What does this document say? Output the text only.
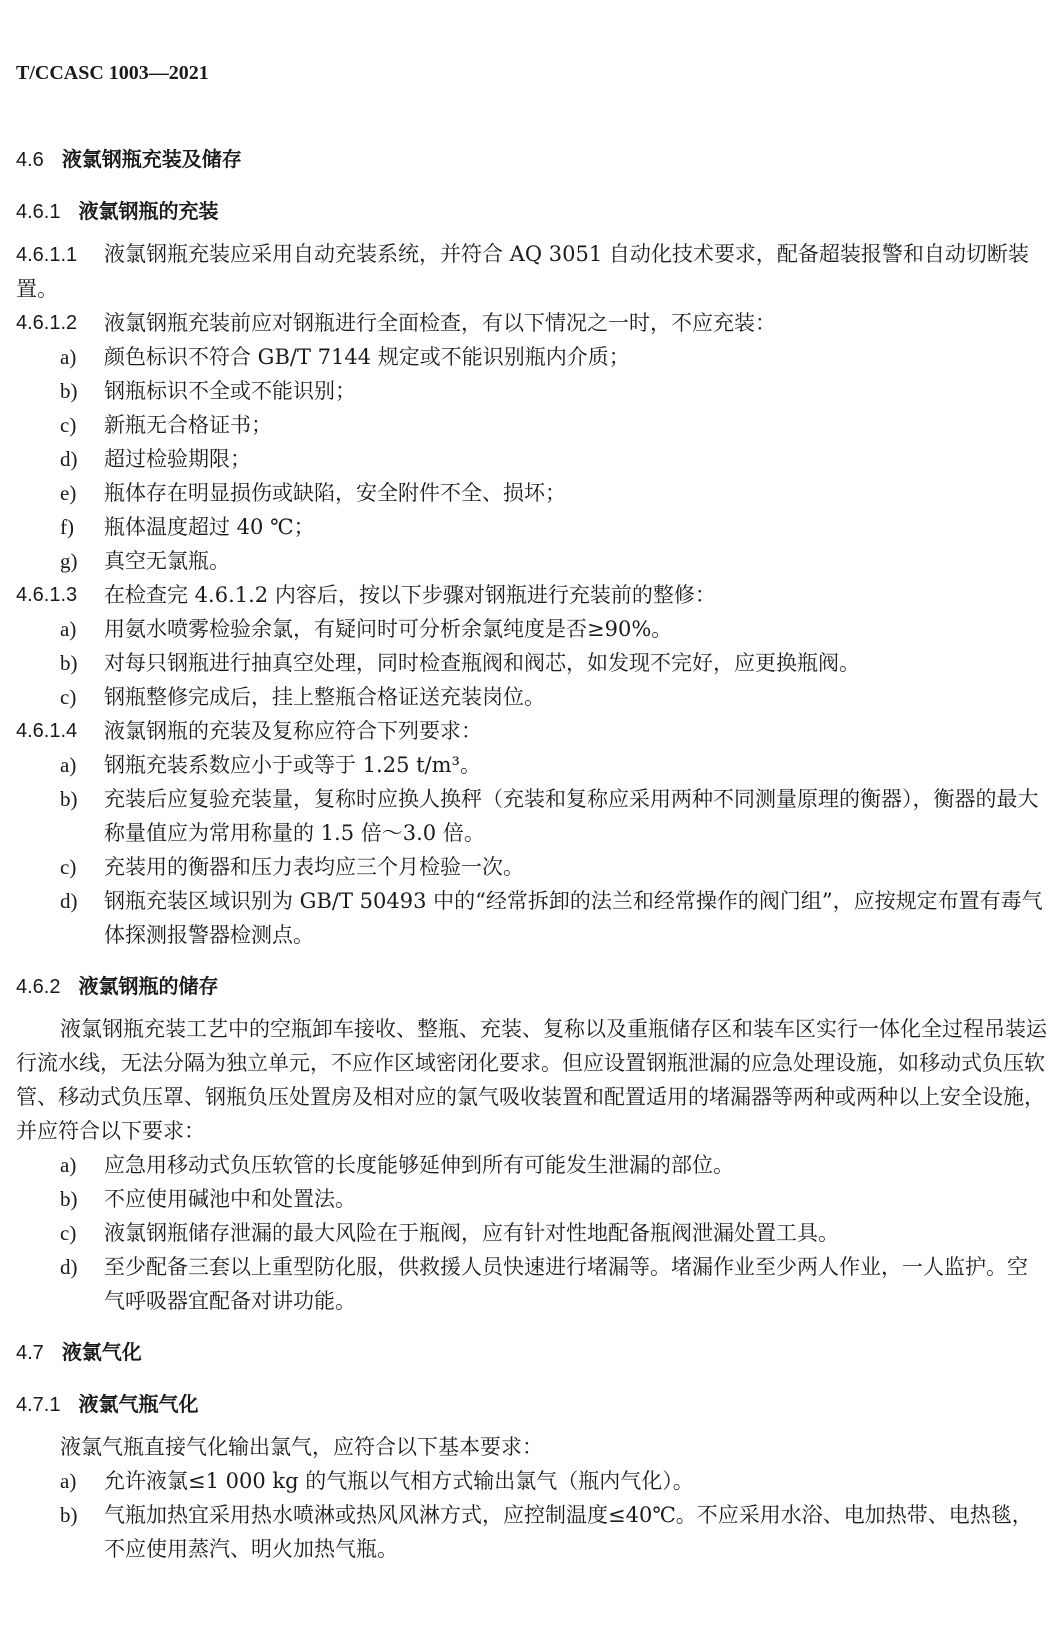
T/CCASC 1003—2021
4.6 液氯钢瓶充装及储存
4.6.1 液氯钢瓶的充装

4.6.1.1 液氯钢瓶充装应采用自动充装系统，并符合 AQ 3051 自动化技术要求，配备超装报警和自动切断装置。

4.6.1.2 液氯钢瓶充装前应对钢瓶进行全面检查，有以下情况之一时，不应充装：

a) 颜色标识不符合 GB/T 7144 规定或不能识别瓶内介质；

b) 钢瓶标识不全或不能识别；

c) 新瓶无合格证书；

d) 超过检验期限；

e) 瓶体存在明显损伤或缺陷，安全附件不全、损坏；

f) 瓶体温度超过 40 ℃；

g) 真空无氯瓶。

4.6.1.3 在检查完 4.6.1.2 内容后，按以下步骤对钢瓶进行充装前的整修：

a) 用氨水喷雾检验余氯，有疑问时可分析余氯纯度是否≥90%。

b) 对每只钢瓶进行抽真空处理，同时检查瓶阀和阀芯，如发现不完好，应更换瓶阀。

c) 钢瓶整修完成后，挂上整瓶合格证送充装岗位。

4.6.1.4 液氯钢瓶的充装及复称应符合下列要求：

a) 钢瓶充装系数应小于或等于 1.25 t/m³。

b) 充装后应复验充装量，复称时应换人换秤（充装和复称应采用两种不同测量原理的衡器），衡器的最大称量值应为常用称量的 1.5 倍～3.0 倍。

c) 充装用的衡器和压力表均应三个月检验一次。

d) 钢瓶充装区域识别为 GB/T 50493 中的“经常拆卸的法兰和经常操作的阀门组”，应按规定布置有毒气体探测报警器检测点。

4.6.2 液氯钢瓶的储存

液氯钢瓶充装工艺中的空瓶卸车接收、整瓶、充装、复称以及重瓶储存区和装车区实行一体化全过程吊装运行流水线，无法分隔为独立单元，不应作区域密闭化要求。但应设置钢瓶泄漏的应急处理设施，如移动式负压软管、移动式负压罩、钢瓶负压处置房及相对应的氯气吸收装置和配置适用的堵漏器等两种或两种以上安全设施，并应符合以下要求：

a) 应急用移动式负压软管的长度能够延伸到所有可能发生泄漏的部位。

b) 不应使用碱池中和处置法。

c) 液氯钢瓶储存泄漏的最大风险在于瓶阀，应有针对性地配备瓶阀泄漏处置工具。

d) 至少配备三套以上重型防化服，供救援人员快速进行堵漏等。堵漏作业至少两人作业，一人监护。空气呼吸器宜配备对讲功能。

4.7 液氯气化
4.7.1 液氯气瓶气化

液氯气瓶直接气化输出氯气，应符合以下基本要求：

a) 允许液氯≤1 000 kg 的气瓶以气相方式输出氯气（瓶内气化）。

b) 气瓶加热宜采用热水喷淋或热风风淋方式，应控制温度≤40℃。不应采用水浴、电加热带、电热毯，不应使用蒸汽、明火加热气瓶。
